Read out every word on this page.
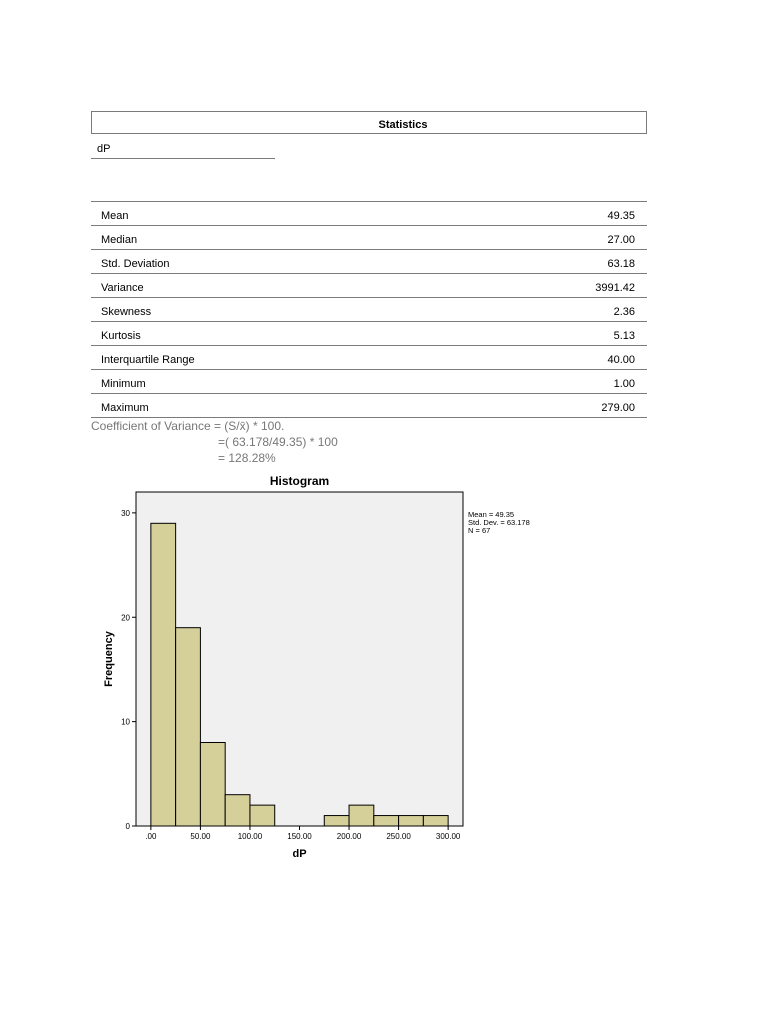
Statistics
dP
Mean	49.35
Median	27.00
Std. Deviation	63.18
Variance	3991.42
Skewness	2.36
Kurtosis	5.13
Interquartile Range	40.00
Minimum	1.00
Maximum	279.00
Coefficient of Variance = (S/x̄) * 100.
=( 63.178/49.35) * 100
= 128.28%
Histogram
0
10
20
30
.00	50.00	100.00	150.00	200.00	250.00	300.00
dP
Frequency
Mean = 49.35
Std. Dev. = 63.178
N = 67
